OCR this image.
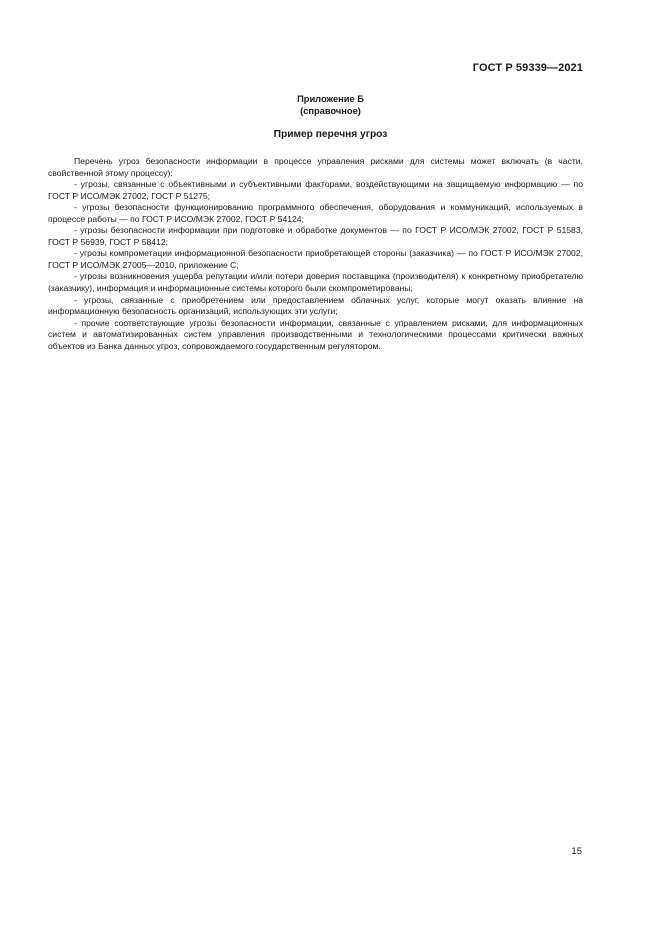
ГОСТ Р 59339—2021
Приложение Б
(справочное)
Пример перечня угроз

Перечень угроз безопасности информации в процессе управления рисками для системы может включать (в части, свойственной этому процессу):

- угрозы, связанные с объективными и субъективными факторами, воздействующими на защищаемую информацию — по ГОСТ Р ИСО/МЭК 27002, ГОСТ Р 51275;

- угрозы безопасности функционированию программного обеспечения, оборудования и коммуникаций, используемых в процессе работы — по ГОСТ Р ИСО/МЭК 27002, ГОСТ Р 54124;

- угрозы безопасности информации при подготовке и обработке документов — по ГОСТ Р ИСО/МЭК 27002, ГОСТ Р 51583, ГОСТ Р 56939, ГОСТ Р 58412;

- угрозы компрометации информационной безопасности приобретающей стороны (заказчика) — по ГОСТ Р ИСО/МЭК 27002, ГОСТ Р ИСО/МЭК 27005—2010, приложение С;

- угрозы возникновения ущерба репутации и/или потери доверия поставщика (производителя) к конкретному приобретателю (заказчику), информация и информационные системы которого были скомпрометированы;

- угрозы, связанные с приобретением или предоставлением облачных услуг, которые могут оказать влияние на информационную безопасность организаций, использующих эти услуги;

- прочие соответствующие угрозы безопасности информации, связанные с управлением рисками, для информационных систем и автоматизированных систем управления производственными и технологическими процессами критически важных объектов из Банка данных угроз, сопровождаемого государственным регулятором.

15
